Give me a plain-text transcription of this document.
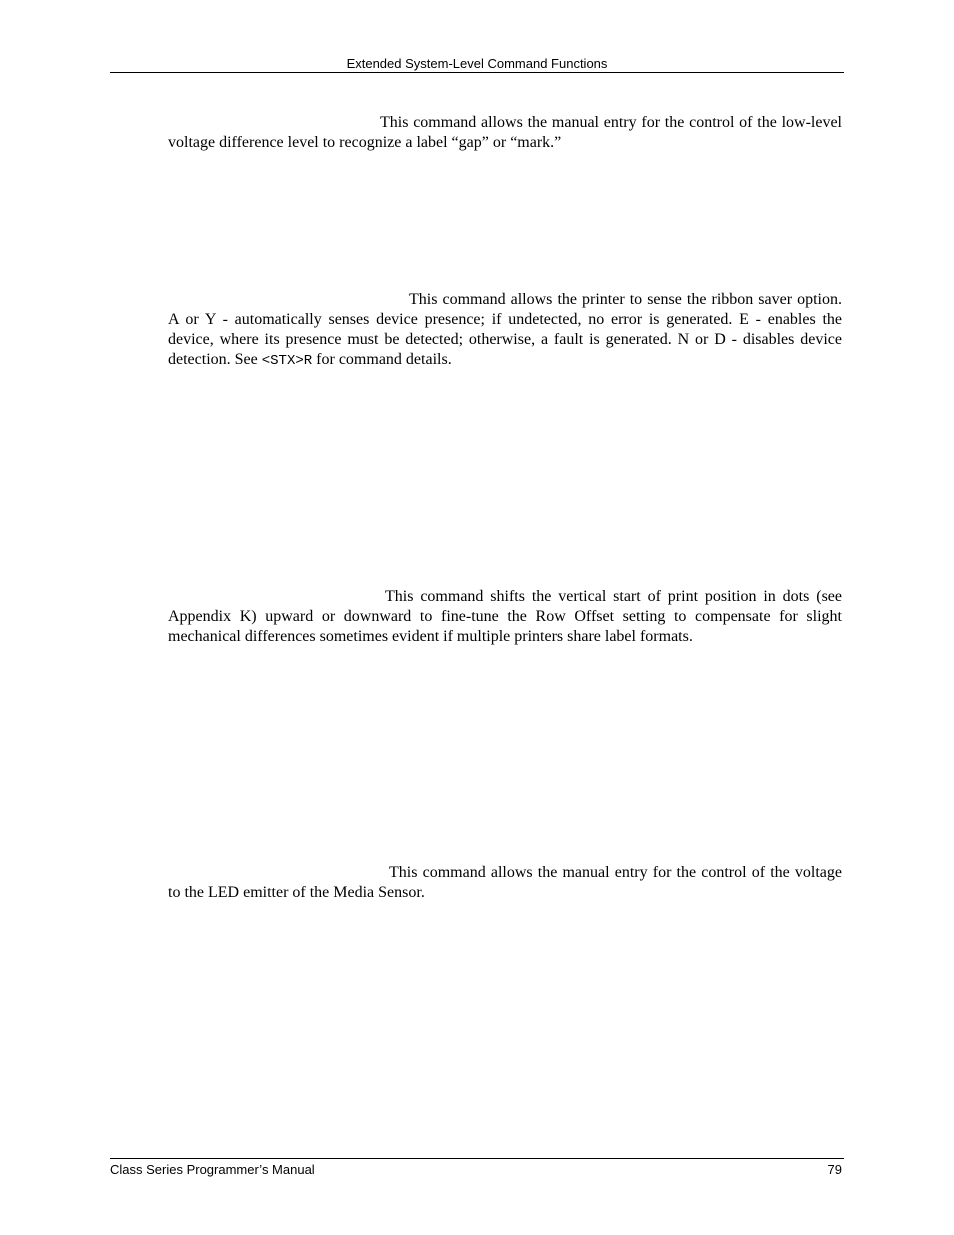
Extended System-Level Command Functions

This command allows the manual entry for the control of the low-level voltage difference level to recognize a label “gap” or “mark.”

This command allows the printer to sense the ribbon saver option. A or Y - automatically senses device presence; if undetected, no error is generated. E - enables the device, where its presence must be detected; otherwise, a fault is generated. N or D - disables device detection. See <STX>R for command details.

This command shifts the vertical start of print position in dots (see Appendix K) upward or downward to fine-tune the Row Offset setting to compensate for slight mechanical differences sometimes evident if multiple printers share label formats.

This command allows the manual entry for the control of the voltage to the LED emitter of the Media Sensor.

Class Series Programmer’s Manual	79
